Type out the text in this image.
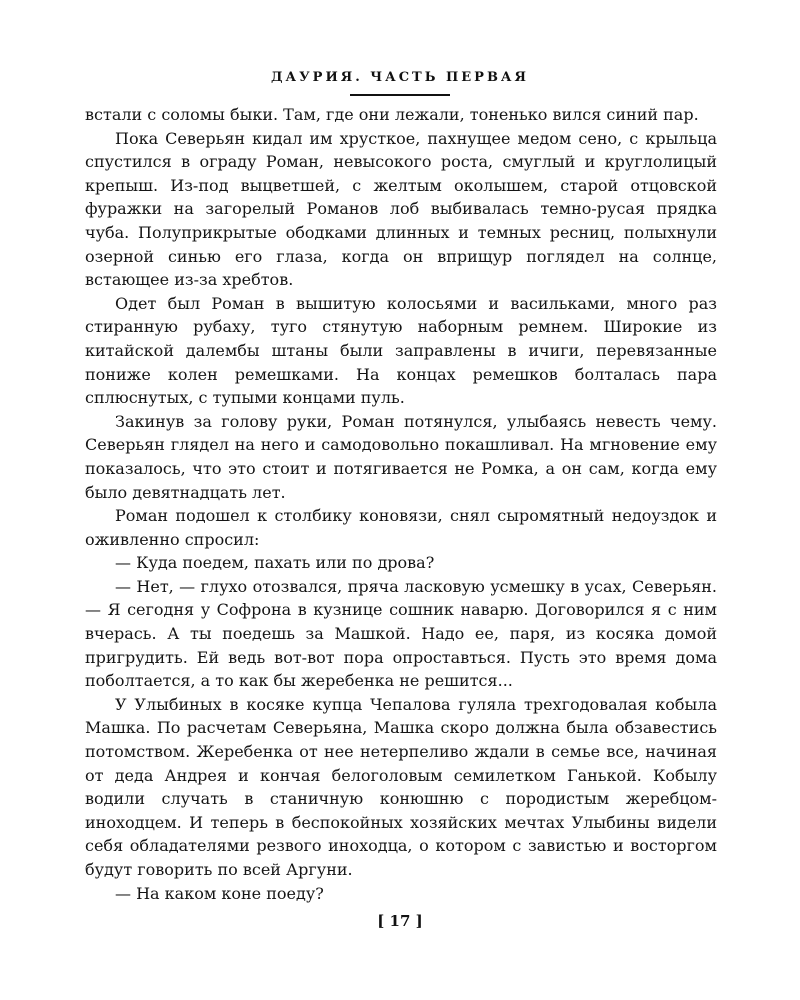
ДАУРИЯ. ЧАСТЬ ПЕРВАЯ

встали с соломы быки. Там, где они лежали, тоненько вился синий пар.

Пока Северьян кидал им хрусткое, пахнущее медом сено, с крыльца спустился в ограду Роман, невысокого роста, смуглый и круглолицый крепыш. Из-под выцветшей, с желтым околышем, старой отцовской фуражки на загорелый Романов лоб выбивалась темно-русая прядка чуба. Полуприкрытые ободками длинных и темных ресниц, полыхнули озерной синью его глаза, когда он вприщур поглядел на солнце, встающее из-за хребтов.

Одет был Роман в вышитую колосьями и васильками, много раз стиранную рубаху, туго стянутую наборным ремнем. Широкие из китайской далембы штаны были заправлены в ичиги, перевязанные пониже колен ремешками. На концах ремешков болталась пара сплюснутых, с тупыми концами пуль.

Закинув за голову руки, Роман потянулся, улыбаясь невесть чему. Северьян глядел на него и самодовольно покашливал. На мгновение ему показалось, что это стоит и потягивается не Ромка, а он сам, когда ему было девятнадцать лет.

Роман подошел к столбику коновязи, снял сыромятный недоуздок и оживленно спросил:

— Куда поедем, пахать или по дрова?

— Нет, — глухо отозвался, пряча ласковую усмешку в усах, Северьян. — Я сегодня у Софрона в кузнице сошник наварю. Договорился я с ним вчерась. А ты поедешь за Машкой. Надо ее, паря, из косяка домой пригрудить. Ей ведь вот-вот пора опроставться. Пусть это время дома поболтается, а то как бы жеребенка не решится...

У Улыбиных в косяке купца Чепалова гуляла трехгодовалая кобыла Машка. По расчетам Северьяна, Машка скоро должна была обзавестись потомством. Жеребенка от нее нетерпеливо ждали в семье все, начиная от деда Андрея и кончая белоголовым семилетком Ганькой. Кобылу водили случать в станичную конюшню с породистым жеребцом-иноходцем. И теперь в беспокойных хозяйских мечтах Улыбины видели себя обладателями резвого иноходца, о котором с завистью и восторгом будут говорить по всей Аргуни.

— На каком коне поеду?

[ 17 ]
